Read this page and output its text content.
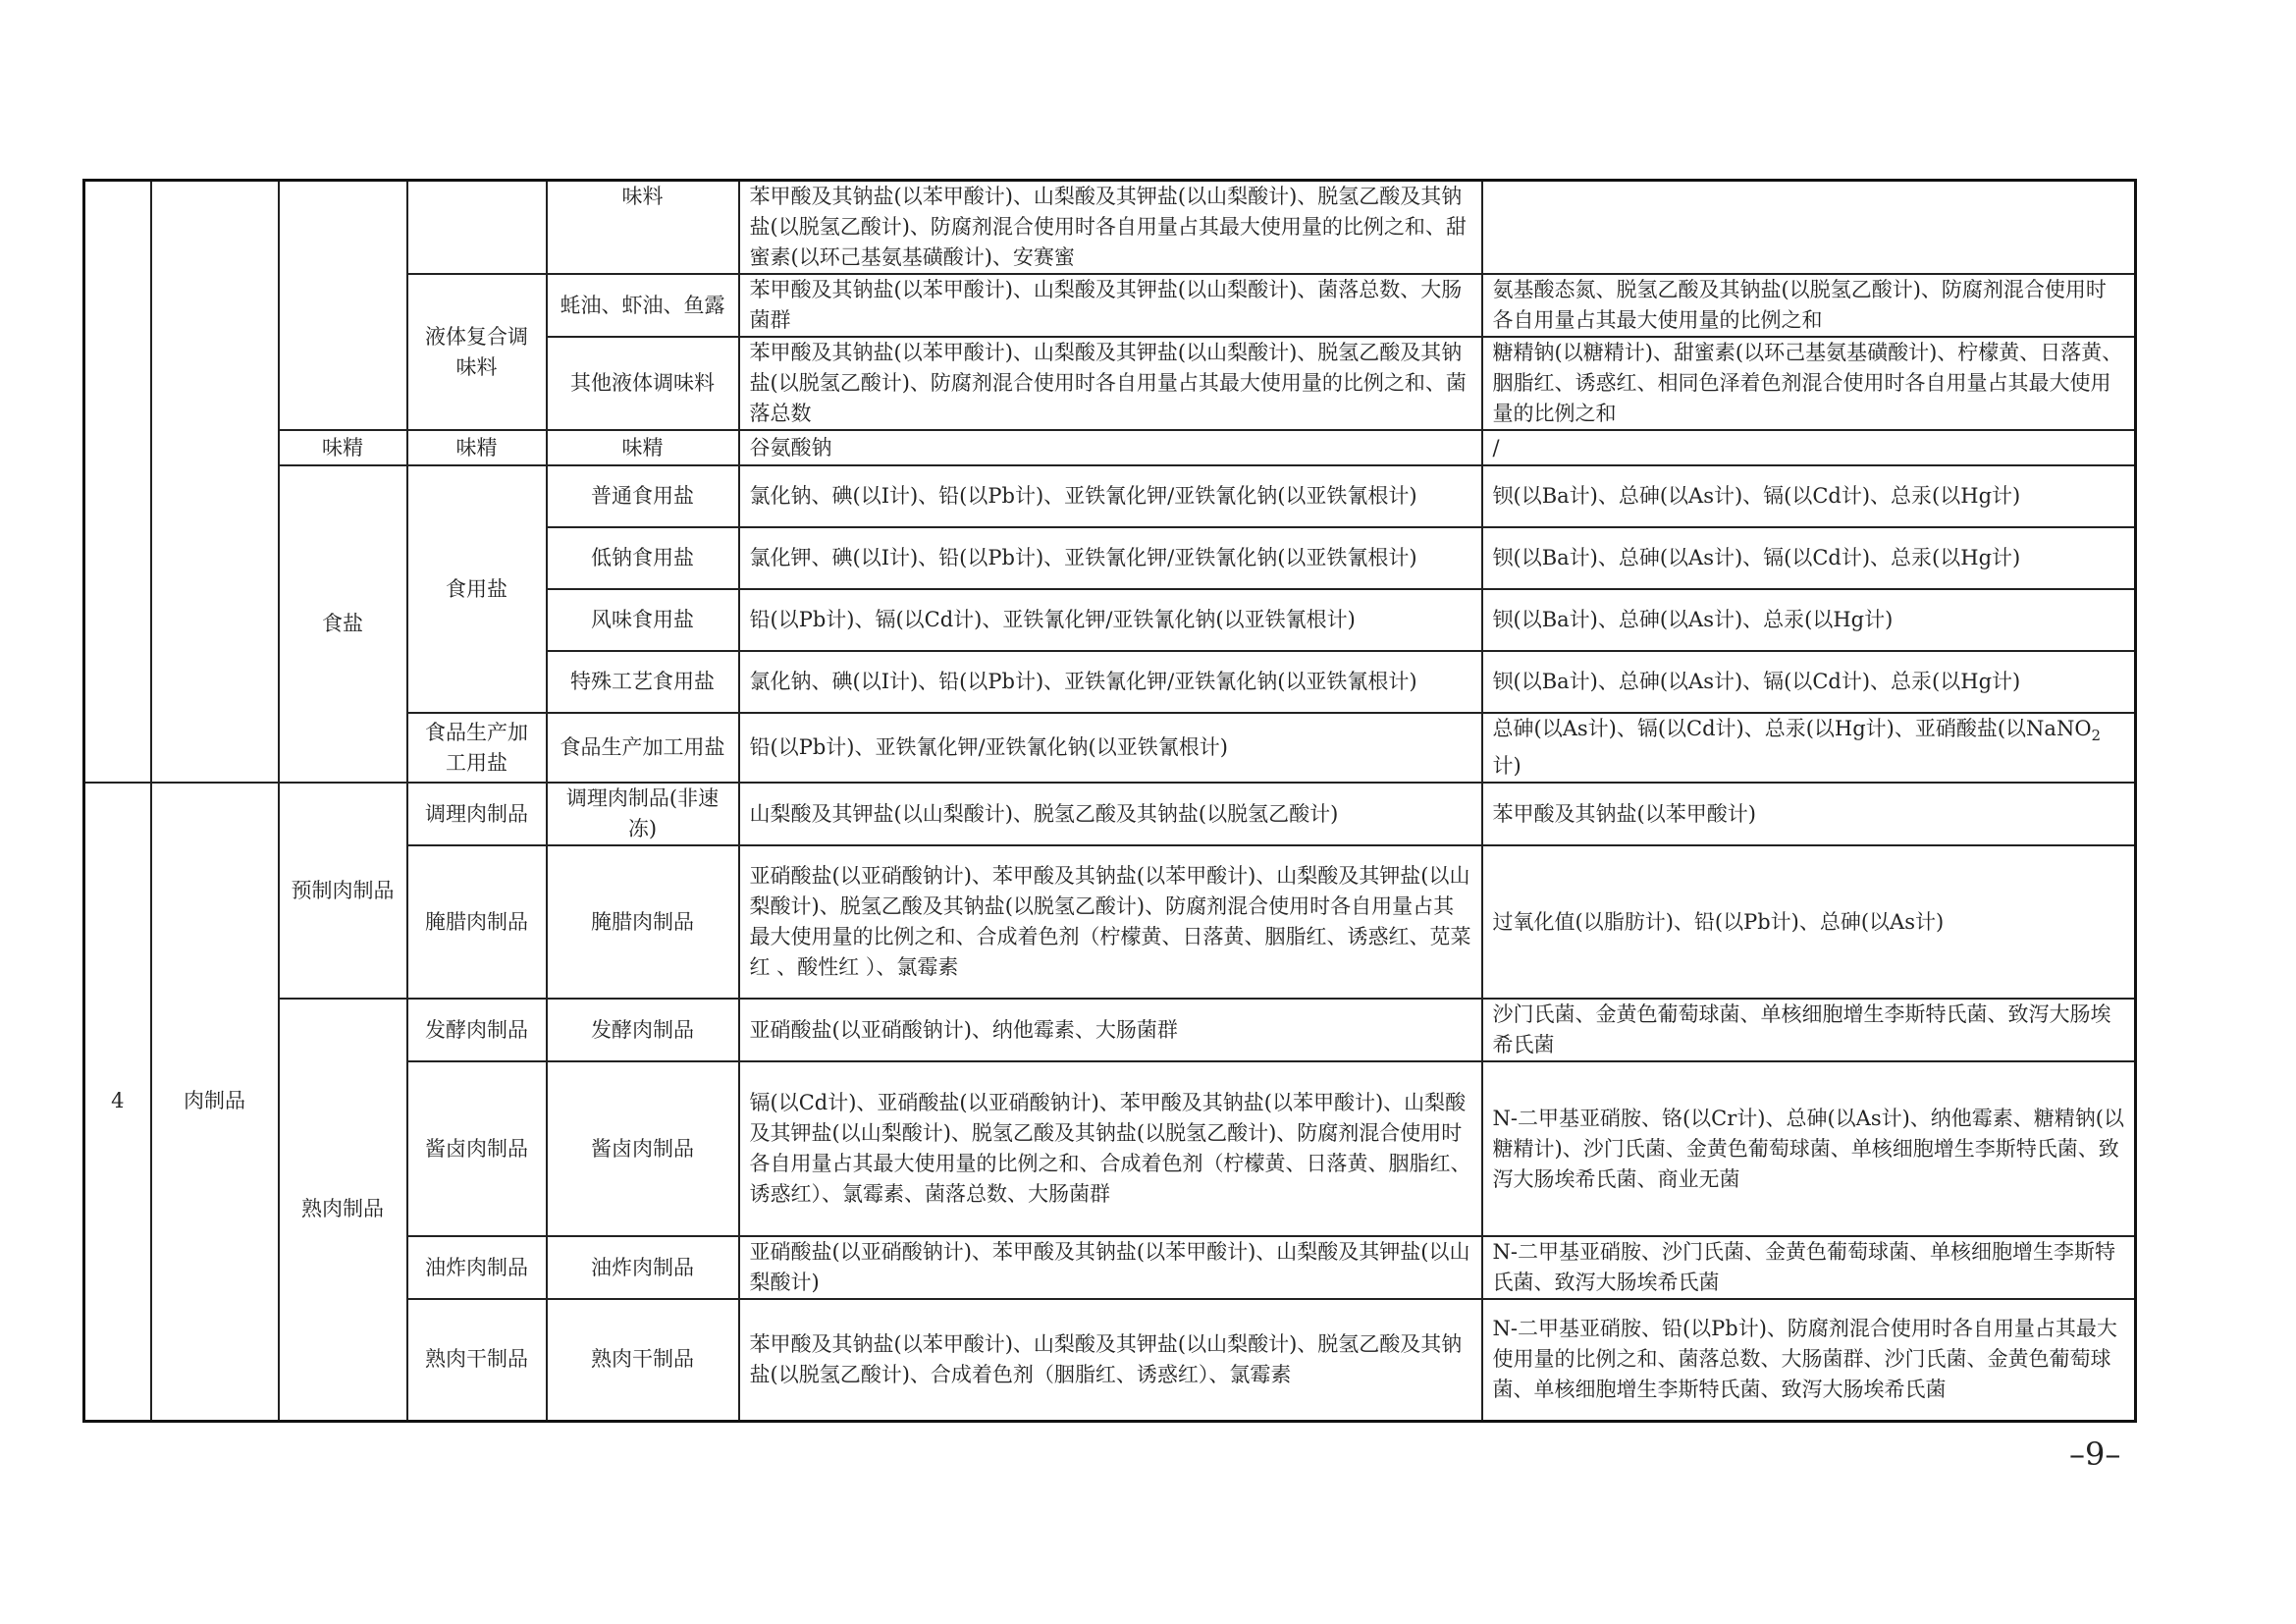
				味料	苯甲酸及其钠盐(以苯甲酸计)、山梨酸及其钾盐(以山梨酸计)、脱氢乙酸及其钠盐(以脱氢乙酸计)、防腐剂混合使用时各自用量占其最大使用量的比例之和、甜蜜素(以环己基氨基磺酸计)、安赛蜜	
			液体复合调味料	蚝油、虾油、鱼露	苯甲酸及其钠盐(以苯甲酸计)、山梨酸及其钾盐(以山梨酸计)、菌落总数、大肠菌群	氨基酸态氮、脱氢乙酸及其钠盐(以脱氢乙酸计)、防腐剂混合使用时各自用量占其最大使用量的比例之和
				其他液体调味料	苯甲酸及其钠盐(以苯甲酸计)、山梨酸及其钾盐(以山梨酸计)、脱氢乙酸及其钠盐(以脱氢乙酸计)、防腐剂混合使用时各自用量占其最大使用量的比例之和、菌落总数	糖精钠(以糖精计)、甜蜜素(以环己基氨基磺酸计)、柠檬黄、日落黄、胭脂红、诱惑红、相同色泽着色剂混合使用时各自用量占其最大使用量的比例之和
		味精	味精	味精	谷氨酸钠	/
		食盐	食用盐	普通食用盐	氯化钠、碘(以I计)、铅(以Pb计)、亚铁氰化钾/亚铁氰化钠(以亚铁氰根计)	钡(以Ba计)、总砷(以As计)、镉(以Cd计)、总汞(以Hg计)
				低钠食用盐	氯化钾、碘(以I计)、铅(以Pb计)、亚铁氰化钾/亚铁氰化钠(以亚铁氰根计)	钡(以Ba计)、总砷(以As计)、镉(以Cd计)、总汞(以Hg计)
				风味食用盐	铅(以Pb计)、镉(以Cd计)、亚铁氰化钾/亚铁氰化钠(以亚铁氰根计)	钡(以Ba计)、总砷(以As计)、总汞(以Hg计)
				特殊工艺食用盐	氯化钠、碘(以I计)、铅(以Pb计)、亚铁氰化钾/亚铁氰化钠(以亚铁氰根计)	钡(以Ba计)、总砷(以As计)、镉(以Cd计)、总汞(以Hg计)
			食品生产加工用盐	食品生产加工用盐	铅(以Pb计)、亚铁氰化钾/亚铁氰化钠(以亚铁氰根计)	总砷(以As计)、镉(以Cd计)、总汞(以Hg计)、亚硝酸盐(以NaNO$_2$计)
4	肉制品	预制肉制品	调理肉制品	调理肉制品(非速冻)	山梨酸及其钾盐(以山梨酸计)、脱氢乙酸及其钠盐(以脱氢乙酸计)	苯甲酸及其钠盐(以苯甲酸计)
			腌腊肉制品	腌腊肉制品	亚硝酸盐(以亚硝酸钠计)、苯甲酸及其钠盐(以苯甲酸计)、山梨酸及其钾盐(以山梨酸计)、脱氢乙酸及其钠盐(以脱氢乙酸计)、防腐剂混合使用时各自用量占其最大使用量的比例之和、合成着色剂（柠檬黄、日落黄、胭脂红、诱惑红、苋菜红 、酸性红 ）、氯霉素	过氧化值(以脂肪计)、铅(以Pb计)、总砷(以As计)
		熟肉制品	发酵肉制品	发酵肉制品	亚硝酸盐(以亚硝酸钠计)、纳他霉素、大肠菌群	沙门氏菌、金黄色葡萄球菌、单核细胞增生李斯特氏菌、致泻大肠埃希氏菌
			酱卤肉制品	酱卤肉制品	镉(以Cd计)、亚硝酸盐(以亚硝酸钠计)、苯甲酸及其钠盐(以苯甲酸计)、山梨酸及其钾盐(以山梨酸计)、脱氢乙酸及其钠盐(以脱氢乙酸计)、防腐剂混合使用时各自用量占其最大使用量的比例之和、合成着色剂（柠檬黄、日落黄、胭脂红、诱惑红）、氯霉素、菌落总数、大肠菌群	N-二甲基亚硝胺、铬(以Cr计)、总砷(以As计)、纳他霉素、糖精钠(以糖精计)、沙门氏菌、金黄色葡萄球菌、单核细胞增生李斯特氏菌、致泻大肠埃希氏菌、商业无菌
			油炸肉制品	油炸肉制品	亚硝酸盐(以亚硝酸钠计)、苯甲酸及其钠盐(以苯甲酸计)、山梨酸及其钾盐(以山梨酸计)	N-二甲基亚硝胺、沙门氏菌、金黄色葡萄球菌、单核细胞增生李斯特氏菌、致泻大肠埃希氏菌
			熟肉干制品	熟肉干制品	苯甲酸及其钠盐(以苯甲酸计)、山梨酸及其钾盐(以山梨酸计)、脱氢乙酸及其钠盐(以脱氢乙酸计)、合成着色剂（胭脂红、诱惑红）、氯霉素	N-二甲基亚硝胺、铅(以Pb计)、防腐剂混合使用时各自用量占其最大使用量的比例之和、菌落总数、大肠菌群、沙门氏菌、金黄色葡萄球菌、单核细胞增生李斯特氏菌、致泻大肠埃希氏菌
–9–
